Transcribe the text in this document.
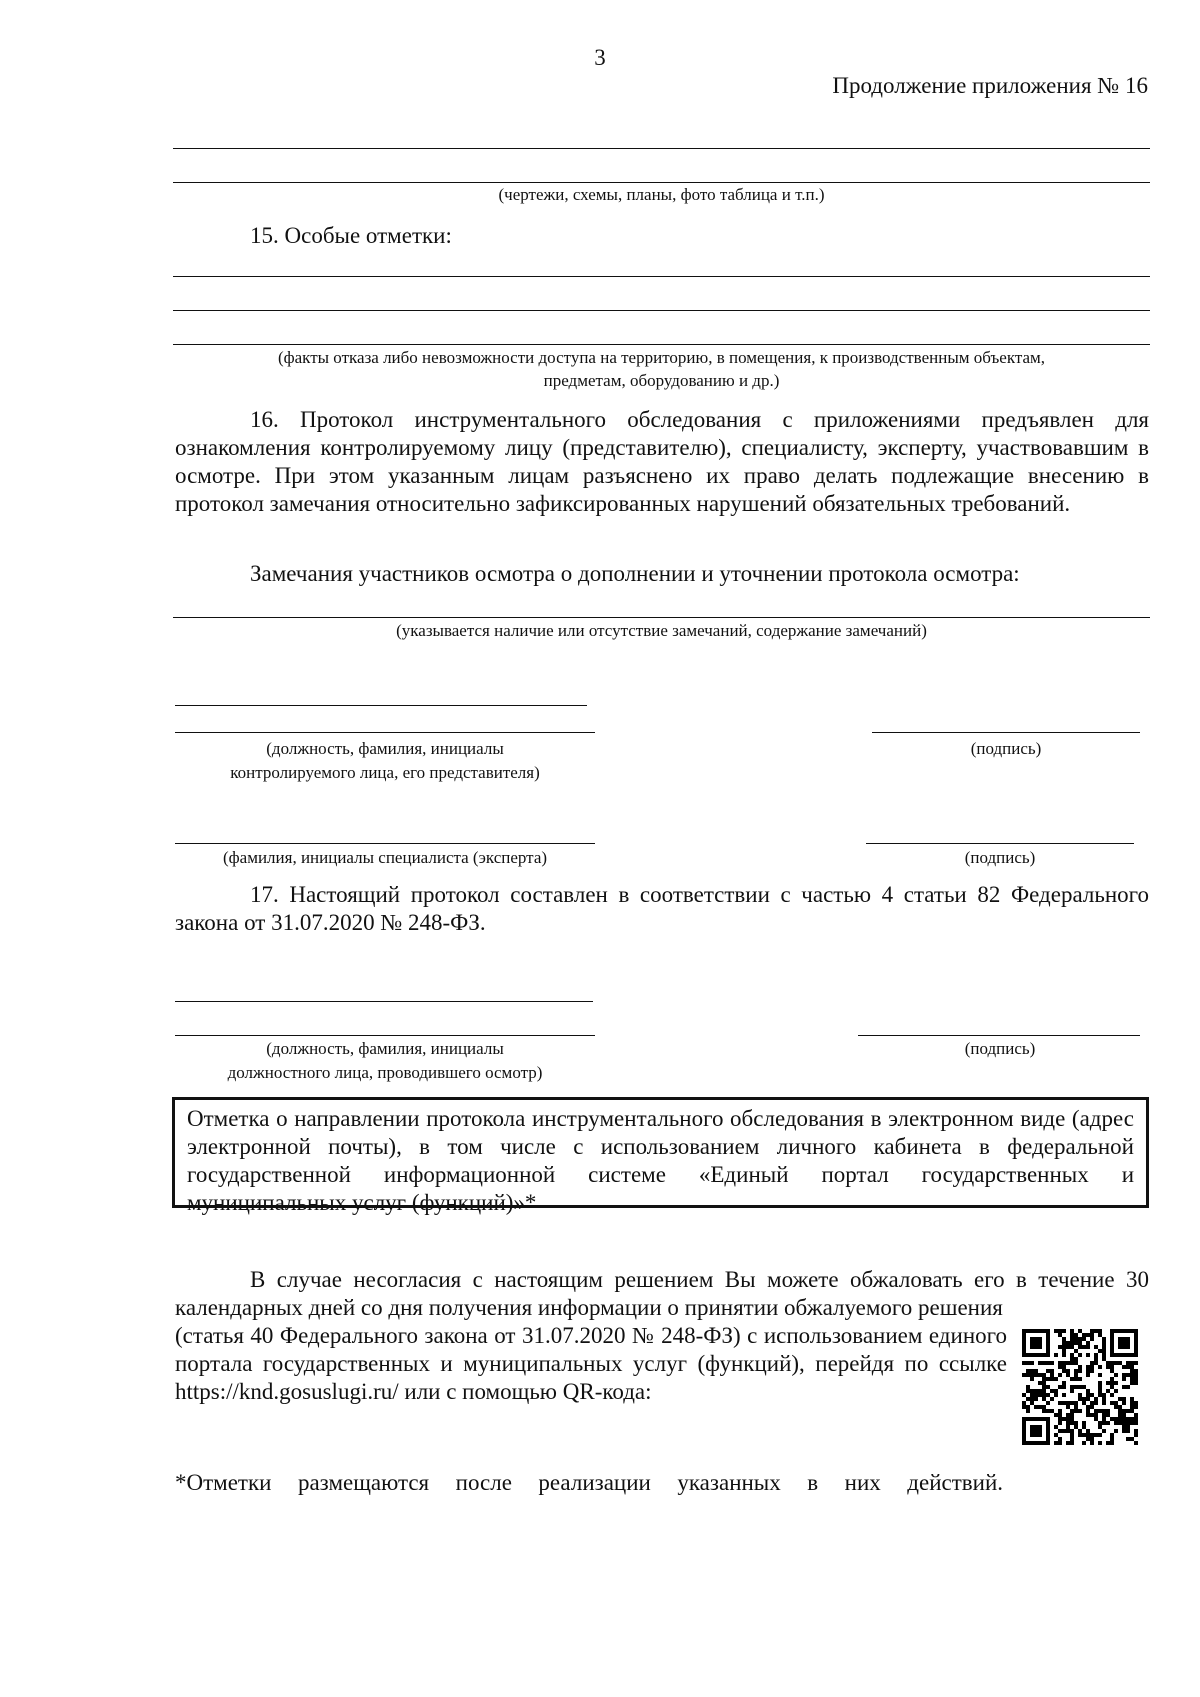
3
Продолжение приложения № 16
(чертежи, схемы, планы, фото таблица и т.п.)
15. Особые отметки:
(факты отказа либо невозможности доступа на территорию, в помещения, к производственным объектам,
предметам, оборудованию и др.)
16. Протокол инструментального обследования с приложениями предъявлен для ознакомления контролируемому лицу (представителю), специалисту, эксперту, участвовавшим в осмотре. При этом указанным лицам разъяснено их право делать подлежащие внесению в протокол замечания относительно зафиксированных нарушений обязательных требований.
Замечания участников осмотра о дополнении и уточнении протокола осмотра:
(указывается наличие или отсутствие замечаний, содержание замечаний)
(должность, фамилия, инициалы
контролируемого лица, его представителя)
(подпись)
(фамилия, инициалы специалиста (эксперта)	(подпись)
17. Настоящий протокол составлен в соответствии с частью 4 статьи 82 Федерального закона от 31.07.2020 № 248-ФЗ.
(должность, фамилия, инициалы
должностного лица, проводившего осмотр)
(подпись)
Отметка о направлении протокола инструментального обследования в электронном виде (адрес электронной почты), в том числе с использованием личного кабинета в федеральной государственной информационной системе «Единый портал государственных и муниципальных услуг (функций)»*
В случае несогласия с настоящим решением Вы можете обжаловать его в течение 30 календарных дней со дня получения информации о принятии обжалуемого решения
(статья 40 Федерального закона от 31.07.2020 № 248-ФЗ) с использованием единого портала государственных и муниципальных услуг (функций), перейдя по ссылке https://knd.gosuslugi.ru/ или с помощью QR-кода:
*Отметки размещаются после реализации указанных в них действий.
